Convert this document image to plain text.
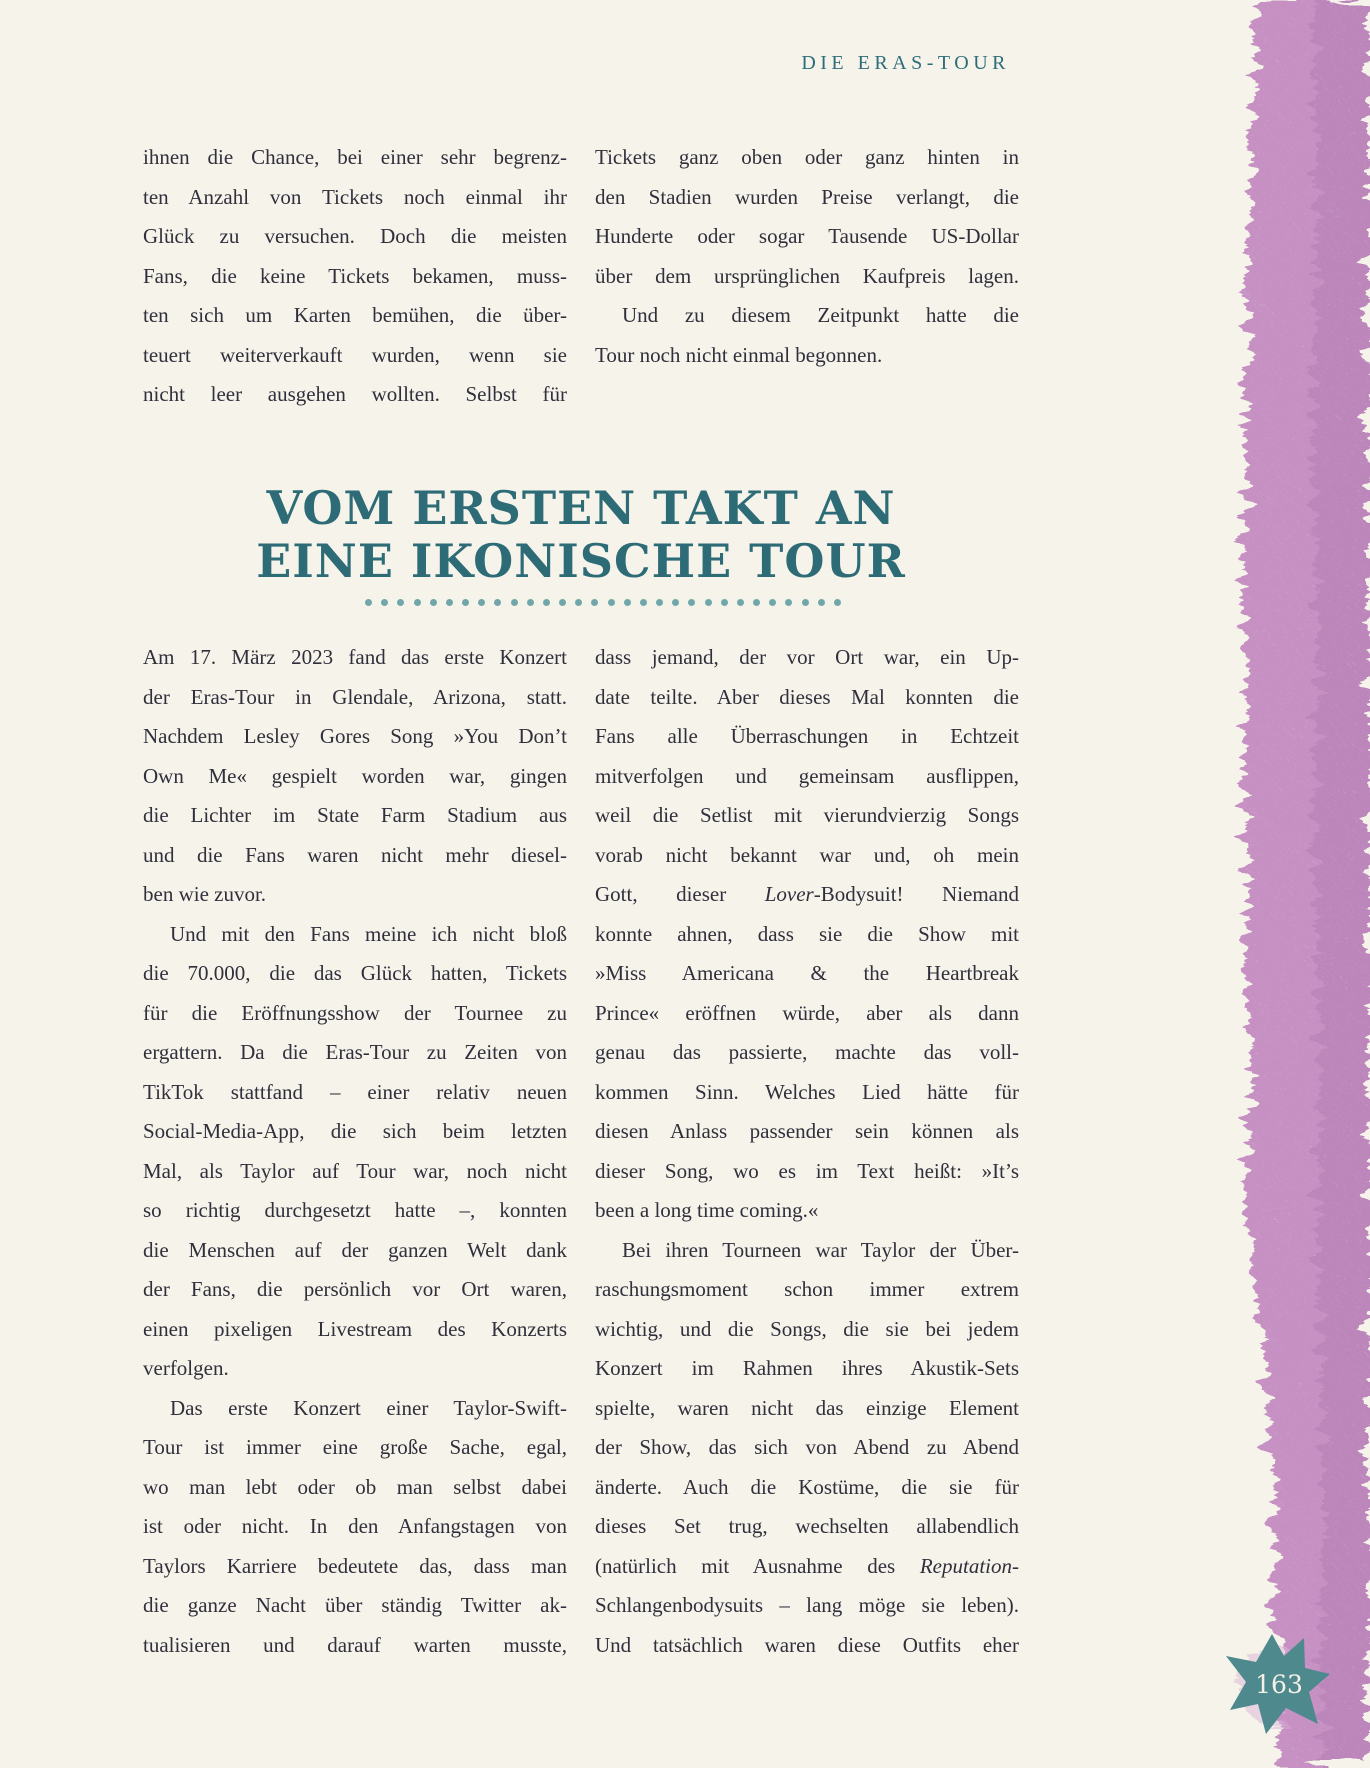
DIE ERAS-TOUR
ihnen die Chance, bei einer sehr begrenz-
ten Anzahl von Tickets noch einmal ihr
Glück zu versuchen. Doch die meisten
Fans, die keine Tickets bekamen, muss-
ten sich um Karten bemühen, die über-
teuert weiterverkauft wurden, wenn sie
nicht leer ausgehen wollten. Selbst für
Tickets ganz oben oder ganz hinten in
den Stadien wurden Preise verlangt, die
Hunderte oder sogar Tausende US-Dollar
über dem ursprünglichen Kaufpreis lagen.
Und zu diesem Zeitpunkt hatte die
Tour noch nicht einmal begonnen.
VOM ERSTEN TAKT AN
EINE IKONISCHE TOUR
Am 17. März 2023 fand das erste Konzert
der Eras-Tour in Glendale, Arizona, statt.
Nachdem Lesley Gores Song »You Don’t
Own Me« gespielt worden war, gingen
die Lichter im State Farm Stadium aus
und die Fans waren nicht mehr diesel-
ben wie zuvor.
Und mit den Fans meine ich nicht bloß
die 70.000, die das Glück hatten, Tickets
für die Eröffnungsshow der Tournee zu
ergattern. Da die Eras-Tour zu Zeiten von
TikTok stattfand – einer relativ neuen
Social-Media-App, die sich beim letzten
Mal, als Taylor auf Tour war, noch nicht
so richtig durchgesetzt hatte –, konnten
die Menschen auf der ganzen Welt dank
der Fans, die persönlich vor Ort waren,
einen pixeligen Livestream des Konzerts
verfolgen.
Das erste Konzert einer Taylor-Swift-
Tour ist immer eine große Sache, egal,
wo man lebt oder ob man selbst dabei
ist oder nicht. In den Anfangstagen von
Taylors Karriere bedeutete das, dass man
die ganze Nacht über ständig Twitter ak-
tualisieren und darauf warten musste,
dass jemand, der vor Ort war, ein Up-
date teilte. Aber dieses Mal konnten die
Fans alle Überraschungen in Echtzeit
mitverfolgen und gemeinsam ausflippen,
weil die Setlist mit vierundvierzig Songs
vorab nicht bekannt war und, oh mein
Gott, dieser Lover-Bodysuit! Niemand
konnte ahnen, dass sie die Show mit
»Miss Americana & the Heartbreak
Prince« eröffnen würde, aber als dann
genau das passierte, machte das voll-
kommen Sinn. Welches Lied hätte für
diesen Anlass passender sein können als
dieser Song, wo es im Text heißt: »It’s
been a long time coming.«
Bei ihren Tourneen war Taylor der Über-
raschungsmoment schon immer extrem
wichtig, und die Songs, die sie bei jedem
Konzert im Rahmen ihres Akustik-Sets
spielte, waren nicht das einzige Element
der Show, das sich von Abend zu Abend
änderte. Auch die Kostüme, die sie für
dieses Set trug, wechselten allabendlich
(natürlich mit Ausnahme des Reputation-
Schlangenbodysuits – lang möge sie leben).
Und tatsächlich waren diese Outfits eher
163
